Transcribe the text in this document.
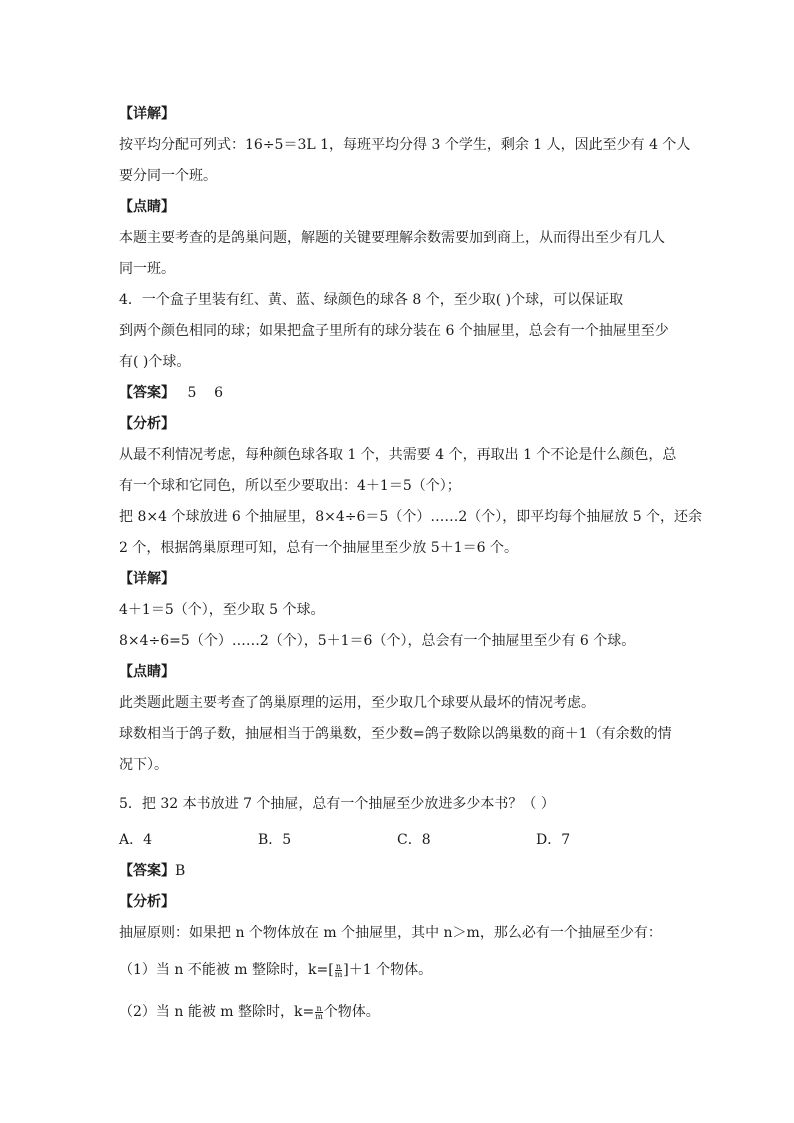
【详解】
按平均分配可列式：16÷5＝3L 1，每班平均分得 3 个学生，剩余 1 人，因此至少有 4 个人
要分同一个班。
【点睛】
本题主要考查的是鸽巢问题，解题的关键要理解余数需要加到商上，从而得出至少有几人
同一班。
4．一个盒子里装有红、黄、蓝、绿颜色的球各 8 个，至少取( )个球，可以保证取
到两个颜色相同的球；如果把盒子里所有的球分装在 6 个抽屉里，总会有一个抽屉里至少
有( )个球。
【答案】 5    6
【分析】
从最不利情况考虑，每种颜色球各取 1 个，共需要 4 个，再取出 1 个不论是什么颜色，总
有一个球和它同色，所以至少要取出：4＋1＝5（个）；
把 8×4 个球放进 6 个抽屉里，8×4÷6＝5（个）……2（个），即平均每个抽屉放 5 个，还余
2 个，根据鸽巢原理可知，总有一个抽屉里至少放 5＋1＝6 个。
【详解】
4＋1＝5（个），至少取 5 个球。
8×4÷6=5（个）……2（个），5＋1＝6（个），总会有一个抽屉里至少有 6 个球。
【点睛】
此类题此题主要考查了鸽巢原理的运用，至少取几个球要从最坏的情况考虑。
球数相当于鸽子数，抽屉相当于鸽巢数，至少数=鸽子数除以鸽巢数的商＋1（有余数的情
况下）。
5．把 32 本书放进 7 个抽屉，总有一个抽屉至少放进多少本书？（ ）
A．4	B．5	C．8	D．7
【答案】B
【分析】
抽屉原则：如果把 n 个物体放在 m 个抽屉里，其中 n＞m，那么必有一个抽屉至少有：
（1）当 n 不能被 m 整除时，$k=[ \frac{n}{m} ]+1$ 个物体。
（2）当 n 能被 m 整除时，$k= \frac{n}{m}$ 个物体。
